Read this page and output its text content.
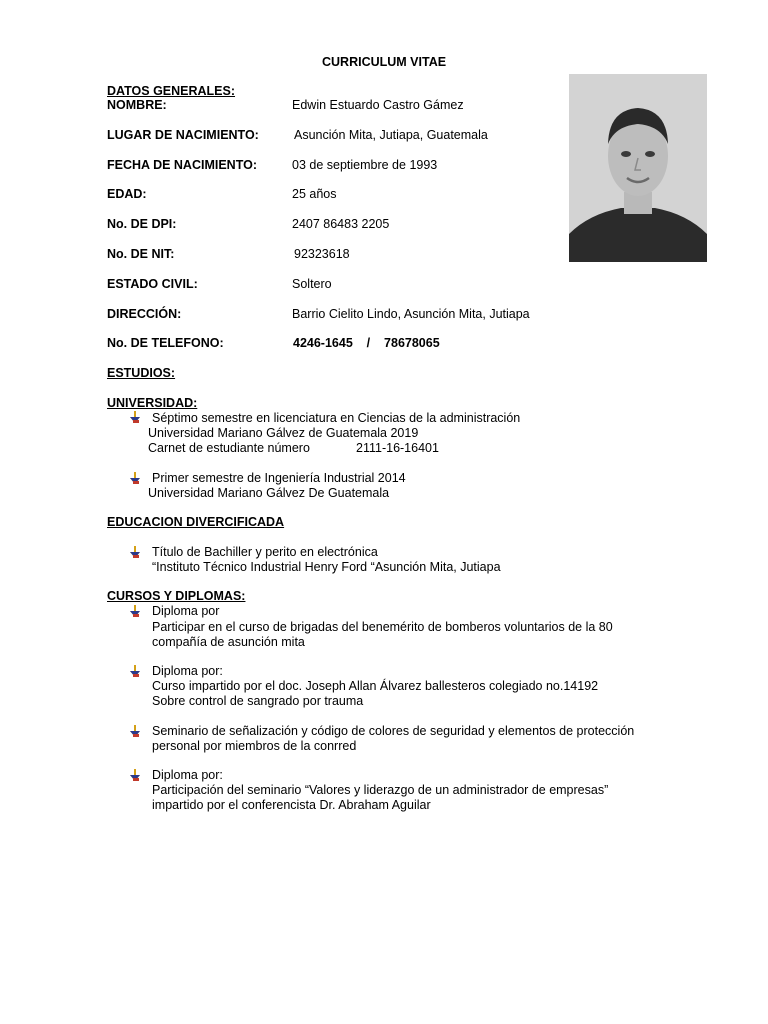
CURRICULUM VITAE
DATOS GENERALES:
NOMBRE:	Edwin Estuardo Castro Gámez
LUGAR DE NACIMIENTO:	Asunción Mita, Jutiapa, Guatemala
FECHA DE NACIMIENTO:	03 de septiembre de 1993
EDAD:	25 años
No. DE DPI:	2407 86483 2205
No. DE NIT:	92323618
ESTADO CIVIL:	Soltero
DIRECCIÓN:	Barrio Cielito Lindo, Asunción Mita, Jutiapa
No. DE TELEFONO:	4246-1645    /    78678065
ESTUDIOS:
UNIVERSIDAD:
Séptimo semestre en licenciatura en Ciencias de la administración
Universidad Mariano Gálvez de Guatemala 2019
Carnet de estudiante número	2111-16-16401
Primer semestre de Ingeniería Industrial 2014
Universidad Mariano Gálvez De Guatemala
EDUCACION DIVERCIFICADA
Título de Bachiller y perito en electrónica
“Instituto Técnico Industrial Henry Ford “Asunción Mita, Jutiapa
CURSOS Y DIPLOMAS:
Diploma por
Participar en el curso de brigadas del benemérito de bomberos voluntarios de la 80
compañía de asunción mita
Diploma por:
Curso impartido por el doc. Joseph Allan Álvarez ballesteros colegiado no.14192
Sobre control de sangrado por trauma
Seminario de señalización y código de colores de seguridad y elementos de protección
personal por miembros de la conrred
Diploma por:
Participación del seminario “Valores y liderazgo de un administrador de empresas”
impartido por el conferencista Dr. Abraham Aguilar
